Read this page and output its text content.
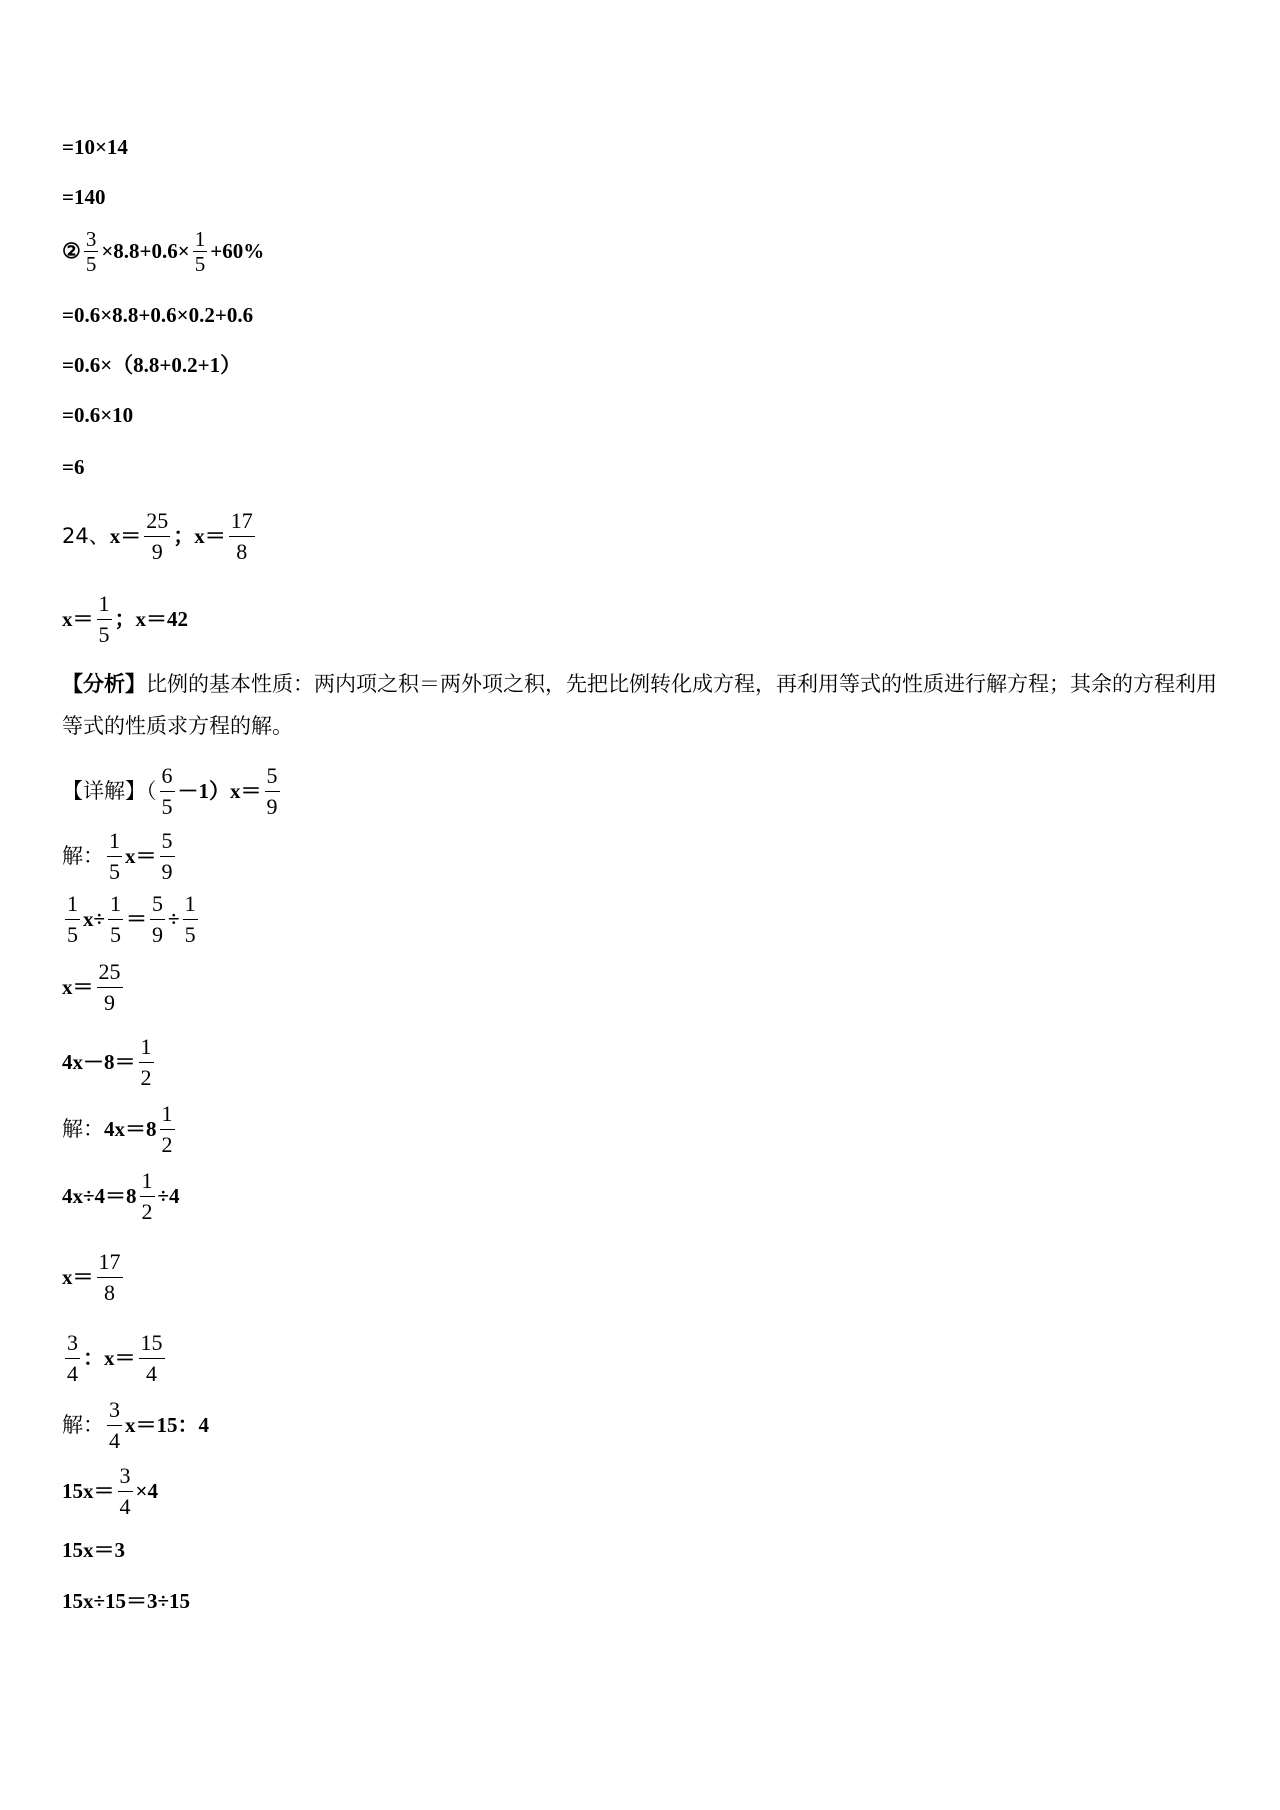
=10×14
=140
② $\frac{3}{5} \times 8.8+0.6\times \frac{1}{5} +60\%$
=0.6×8.8+0.6×0.2+0.6
=0.6×（8.8+0.2+1）
=0.6×10
=6
24、 $x= \frac{25}{9}$ ；$x= \frac{17}{8}$
$x= \frac{1}{5}$ ；x＝42
【分析】比例的基本性质：两内项之积＝两外项之积，先把比例转化成方程，再利用等式的性质进行解方程；其余的方程利用等式的性质求方程的解。
【详解】（ $\frac{6}{5} -1)x= \frac{5}{9}$
解： $\frac{1}{5} x= \frac{5}{9}$
$\frac{1}{5} x\div \frac{1}{5} = \frac{5}{9} \div \frac{1}{5}$
$x= \frac{25}{9}$
$4x-8= \frac{1}{2}$
解： $4x=8 \frac{1}{2}$
$4x\div 4=8 \frac{1}{2} \div 4$
$x= \frac{17}{8}$
$\frac{3}{4}$ ：$x= \frac{15}{4}$
解： $\frac{3}{4} x=15$：4
$15x= \frac{3}{4} \times 4$
15x＝3
15x÷15＝3÷15
